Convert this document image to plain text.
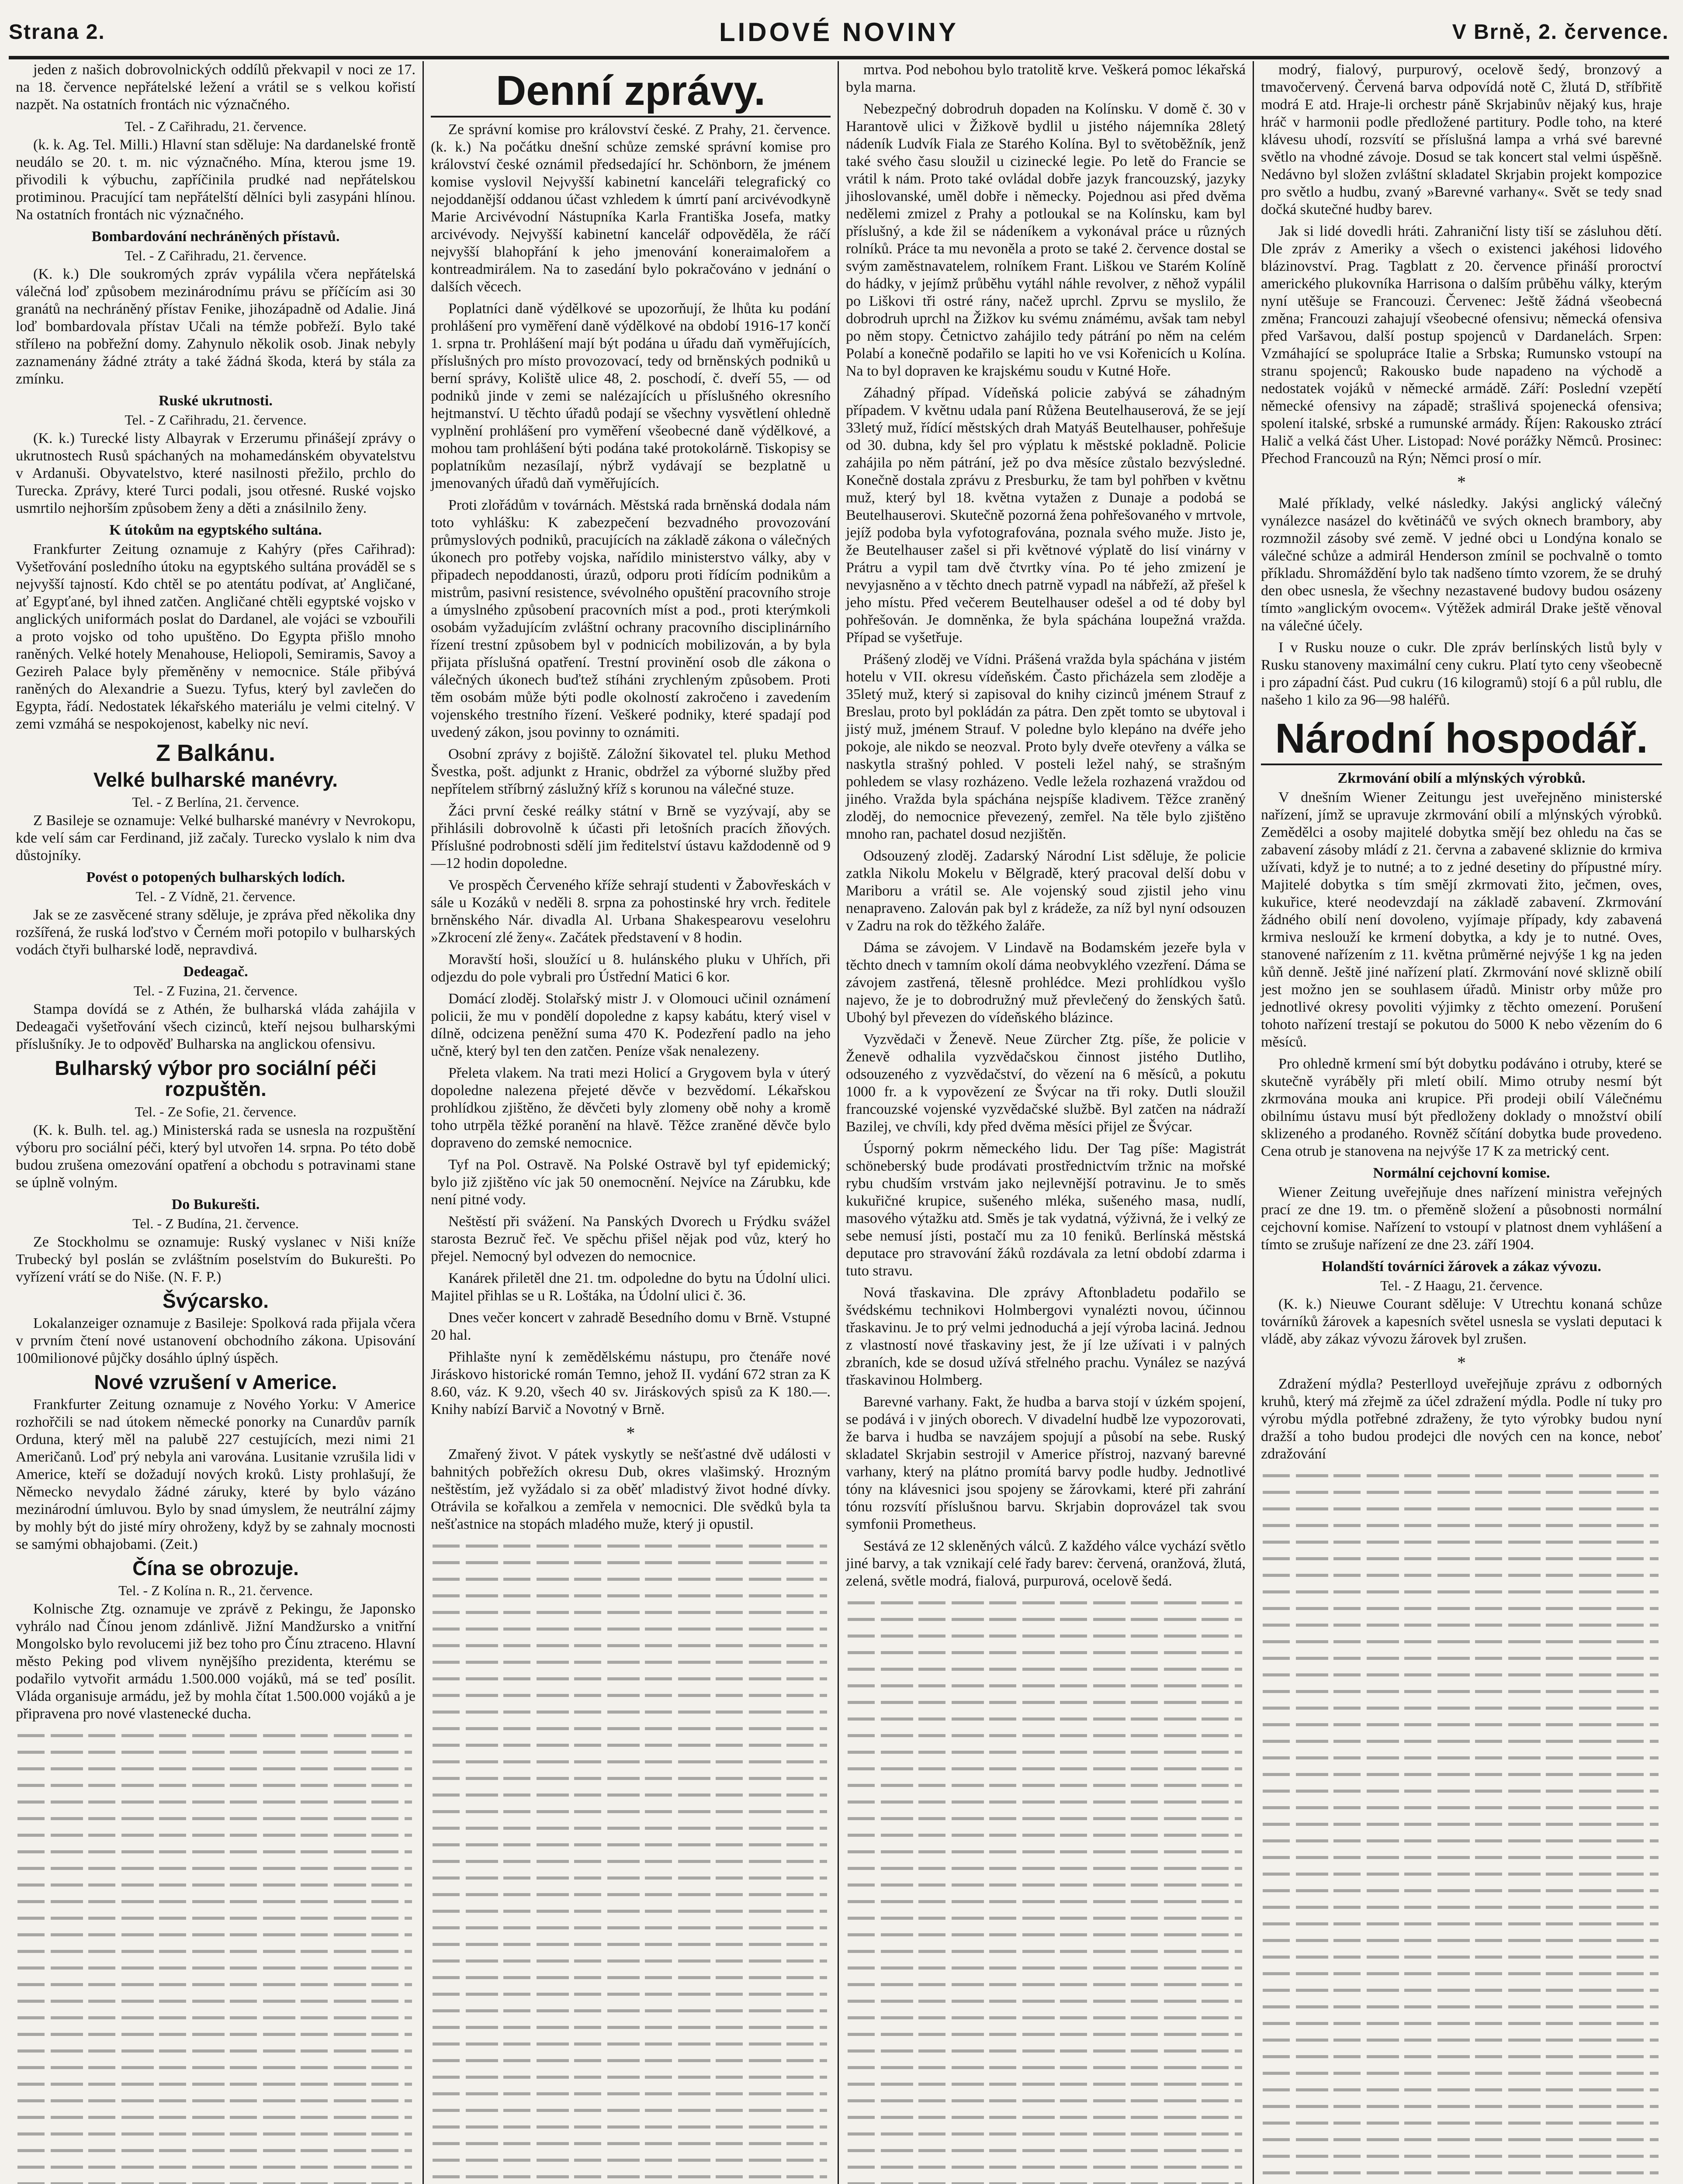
Strana 2.	LIDOVÉ NOVINY	V Brně, 2. července.

jeden z našich dobrovolnických oddílů překvapil v noci ze 17. na 18. července nepřátelské ležení a vrátil se s velkou kořistí nazpět. Na ostatních frontách nic význačného.

Tel. - Z Cařihradu, 21. července.

(k. k. Ag. Tel. Milli.) Hlavní stan sděluje: Na dardanelské frontě neudálo se 20. t. m. nic význačného. Mína, kterou jsme 19. přivodili k výbuchu, zapříčinila prudké nad nepřátelskou protiminou. Pracující tam nepřátelští dělníci byli zasypáni hlínou. Na ostatních frontách nic význačného.

Bombardování nechráněných přístavů.
Tel. - Z Cařihradu, 21. července.

(K. k.) Dle soukromých zpráv vypálila včera nepřátelská válečná loď způsobem mezinárodnímu právu se příčícím asi 30 granátů na nechráněný přístav Fenike, jihozápadně od Adalie. Jiná loď bombardovala přístav Učali na témže pobřeží. Bylo také střílено na pobřežní domy. Zahynulo několik osob. Jinak nebyly zaznamenány žádné ztráty a také žádná škoda, která by stála za zmínku.

Ruské ukrutnosti.
Tel. - Z Cařihradu, 21. července.

(K. k.) Turecké listy Albayrak v Erzerumu přinášejí zprávy o ukrutnostech Rusů spáchaných na mohamedánském obyvatelstvu v Ardanuši. Obyvatelstvo, které nasilnosti přežilo, prchlo do Turecka. Zprávy, které Turci podali, jsou otřesné. Ruské vojsko usmrtilo nejhorším způsobem ženy a děti a znásilnilo ženy.

K útokům na egyptského sultána.

Frankfurter Zeitung oznamuje z Kahýry (přes Cařihrad): Vyšetřování posledního útoku na egyptského sultána prováděl se s nejvyšší tajností. Kdo chtěl se po atentátu podívat, ať Angličané, ať Egypťané, byl ihned zatčen. Angličané chtěli egyptské vojsko v anglických uniformách poslat do Dardanel, ale vojáci se vzbouřili a proto vojsko od toho upuštěno. Do Egypta přišlo mnoho raněných. Velké hotely Menahouse, Heliopoli, Semiramis, Savoy a Gezireh Palace byly přeměněny v nemocnice. Stále přibývá raněných do Alexandrie a Suezu. Tyfus, který byl zavlečen do Egypta, řádí. Nedostatek lékařského materiálu je velmi citelný. V zemi vzmáhá se nespokojenost, kabelky nic neví.

Z Balkánu.
Velké bulharské manévry.
Tel. - Z Berlína, 21. července.

Z Basileje se oznamuje: Velké bulharské manévry v Nevrokopu, kde velí sám car Ferdinand, již začaly. Turecko vyslalo k nim dva důstojníky.

Povést o potopených bulharských lodích.
Tel. - Z Vídně, 21. července.

Jak se ze zasvěcené strany sděluje, je zpráva před několika dny rozšířená, že ruská loďstvo v Černém moři potopilo v bulharských vodách čtyři bulharské lodě, nepravdivá.

Dedeagač.
Tel. - Z Fuzina, 21. července.

Stampa dovídá se z Athén, že bulharská vláda zahájila v Dedeagači vyšetřování všech cizinců, kteří nejsou bulharskými příslušníky. Je to odpověď Bulharska na anglickou ofensivu.

Bulharský výbor pro sociální péči rozpuštěn.
Tel. - Ze Sofie, 21. července.

(K. k. Bulh. tel. ag.) Ministerská rada se usnesla na rozpuštění výboru pro sociální péči, který byl utvořen 14. srpna. Po této době budou zrušena omezování opatření a obchodu s potravinami stane se úplně volným.

Do Bukurešti.
Tel. - Z Budína, 21. července.

Ze Stockholmu se oznamuje: Ruský vyslanec v Niši kníže Trubecký byl poslán se zvláštním poselstvím do Bukurešti. Po vyřízení vrátí se do Niše. (N. F. P.)

Švýcarsko.

Lokalanzeiger oznamuje z Basileje: Spolková rada přijala včera v prvním čtení nové ustanovení obchodního zákona. Upisování 100milionové půjčky dosáhlo úplný úspěch.

Nové vzrušení v Americe.

Frankfurter Zeitung oznamuje z Nového Yorku: V Americe rozhořčili se nad útokem německé ponorky na Cunardův parník Orduna, který měl na palubě 227 cestujících, mezi nimi 21 Američanů. Loď prý nebyla ani varována. Lusitanie vzrušila lidi v Americe, kteří se dožadují nových kroků. Listy prohlašují, že Německo nevydalo žádné záruky, které by bylo vázáno mezinárodní úmluvou. Bylo by snad úmyslem, že neutrální zájmy by mohly být do jisté míry ohroženy, když by se zahnaly mocnosti se samými obhajobami. (Zeit.)

Čína se obrozuje.
Tel. - Z Kolína n. R., 21. července.

Kolnische Ztg. oznamuje ve zprávě z Pekingu, že Japonsko vyhrálo nad Čínou jenom zdánlivě. Jižní Mandžursko a vnitřní Mongolsko bylo revolucemi již bez toho pro Čínu ztraceno. Hlavní město Peking pod vlivem nynějšího prezidenta, kterému se podařilo vytvořit armádu 1.500.000 vojáků, má se teď posílit. Vláda organisuje armádu, jež by mohla čítat 1.500.000 vojáků a je připravena pro nové vlastenecké ducha.

Denní zprávy.

Ze správní komise pro království české. Z Prahy, 21. července. (k. k.) Na počátku dnešní schůze zemské správní komise pro království české oznámil předsedající hr. Schönborn, že jménem komise vyslovil Nejvyšší kabinetní kanceláři telegrafický co nejoddanější oddanou účast vzhledem k úmrtí paní arcivévodkyně Marie Arcivévodní Nástupníka Karla Františka Josefa, matky arcivévody. Nejvyšší kabinetní kancelář odpověděla, že ráčí nejvyšší blahopřání k jeho jmenování koneraimalořem a kontreadmirálem. Na to zasedání bylo pokračováno v jednání o dalších věcech.

Poplatníci daně výdělkové se upozorňují, že lhůta ku podání prohlášení pro vyměření daně výdělkové na období 1916-17 končí 1. srpna tr. Prohlášení mají být podána u úřadu daň vyměřujících, příslušných pro místo provozovací, tedy od brněnských podniků u berní správy, Koliště ulice 48, 2. poschodí, č. dveří 55, — od podniků jinde v zemi se nalézajících u příslušného okresního hejtmanství. U těchto úřadů podají se všechny vysvětlení ohledně vyplnění prohlášení pro vyměření všeobecné daně výdělkové, a mohou tam prohlášení býti podána také protokolárně. Tiskopisy se poplatníkům nezasílají, nýbrž vydávají se bezplatně u jmenovaných úřadů daň vyměřujících.

Proti zlořádům v továrnách. Městská rada brněnská dodala nám toto vyhlášku: K zabezpečení bezvadného provozování průmyslových podniků, pracujících na základě zákona o válečných úkonech pro potřeby vojska, nařídilo ministerstvo války, aby v připadech nepoddanosti, úrazů, odporu proti řídícím podnikům a mistrům, pasivní resistence, svévolného opuštění pracovního stroje a úmyslného způsobení pracovních míst a pod., proti kterýmkoli osobám vyžadujícím zvláštní ochrany pracovního disciplinárního řízení trestní způsobem byl v podnicích mobilizován, a by byla přijata příslušná opatření. Trestní provinění osob dle zákona o válečných úkonech buďtež stíháni zrychleným způsobem. Proti těm osobám může býti podle okolností zakročeno i zavedením vojenského trestního řízení. Veškeré podniky, které spadají pod uvedený zákon, jsou povinny to oznámiti.

Osobní zprávy z bojiště. Záložní šikovatel tel. pluku Method Švestka, pošt. adjunkt z Hranic, obdržel za výborné služby před nepřítelem stříbrný záslužný kříž s korunou na válečné stuze.

Žáci první české reálky státní v Brně se vyzývají, aby se přihlásili dobrovolně k účasti při letošních pracích žňových. Příslušné podrobnosti sdělí jim ředitelství ústavu každodenně od 9—12 hodin dopoledne.

Ve prospěch Červeného kříže sehrají studenti v Žabovřeskách v sále u Kozáků v neděli 8. srpna za pohostinské hry vrch. ředitele brněnského Nár. divadla Al. Urbana Shakespearovu veselohru »Zkrocení zlé ženy«. Začátek představení v 8 hodin.

Moravští hoši, sloužící u 8. hulánského pluku v Uhřích, při odjezdu do pole vybrali pro Ústřední Matici 6 kor.

Domácí zloděj. Stolařský mistr J. v Olomouci učinil oznámení policii, že mu v pondělí dopoledne z kapsy kabátu, který visel v dílně, odcizena peněžní suma 470 K. Podezření padlo na jeho učně, který byl ten den zatčen. Peníze však nenalezeny.

Přeleta vlakem. Na trati mezi Holicí a Grygovem byla v úterý dopoledne nalezena přejeté děvče v bezvědomí. Lékařskou prohlídkou zjištěno, že děvčeti byly zlomeny obě nohy a kromě toho utrpěla těžké poranění na hlavě. Těžce zraněné děvče bylo dopraveno do zemské nemocnice.

Tyf na Pol. Ostravě. Na Polské Ostravě byl tyf epidemický; bylo již zjištěno víc jak 50 onemocnění. Nejvíce na Zárubku, kde není pitné vody.

Neštěstí při svážení. Na Panských Dvorech u Frýdku svážel starosta Bezruč řeč. Ve spěchu přišel nějak pod vůz, který ho přejel. Nemocný byl odvezen do nemocnice.

Kanárek přiletěl dne 21. tm. odpoledne do bytu na Údolní ulici. Majitel přihlas se u R. Loštáka, na Údolní ulici č. 36.

Dnes večer koncert v zahradě Besedního domu v Brně. Vstupné 20 hal.

Přihlašte nyní k zemědělskému nástupu, pro čtenáře nové Jiráskovo historické román Temno, jehož II. vydání 672 stran za K 8.60, váz. K 9.20, všech 40 sv. Jiráskových spisů za K 180.—. Knihy nabízí Barvič a Novotný v Brně.

*

Zmařený život. V pátek vyskytly se nešťastné dvě události v bahnitých pobřežích okresu Dub, okres vlašimský. Hrozným neštěstím, jež vyžádalo si za oběť mladistvý život hodné dívky. Otrávila se kořalkou a zemřela v nemocnici. Dle svědků byla ta nešťastnice na stopách mladého muže, který ji opustil.

mrtva. Pod nebohou bylo tratolitě krve. Veškerá pomoc lékařská byla marna.

Nebezpečný dobrodruh dopaden na Kolínsku. V domě č. 30 v Harantově ulici v Žižkově bydlil u jistého nájemníka 28letý nádeník Ludvík Fiala ze Starého Kolína. Byl to světoběžník, jenž také svého času sloužil u cizinecké legie. Po letě do Francie se vrátil k nám. Proto také ovládal dobře jazyk francouzský, jazyky jihoslovanské, uměl dobře i německy. Pojednou asi před dvěma nedělemi zmizel z Prahy a potloukal se na Kolínsku, kam byl příslušný, a kde žil se nádeníkem a vykonával práce u různých rolníků. Práce ta mu nevoněla a proto se také 2. července dostal se svým zaměstnavatelem, rolníkem Frant. Liškou ve Starém Kolíně do hádky, v jejímž průběhu vytáhl náhle revolver, z něhož vypálil po Liškovi tři ostré rány, načež uprchl. Zprvu se myslilo, že dobrodruh uprchl na Žižkov ku svému známému, avšak tam nebyl po něm stopy. Četnictvo zahájilo tedy pátrání po něm na celém Polabí a konečně podařilo se lapiti ho ve vsi Kořenicích u Kolína. Na to byl dopraven ke krajskému soudu v Kutné Hoře.

Záhadný případ. Vídeňská policie zabývá se záhadným případem. V květnu udala paní Růžena Beutelhauserová, že se její 33letý muž, řídící městských drah Matyáš Beutelhauser, pohřešuje od 30. dubna, kdy šel pro výplatu k městské pokladně. Policie zahájila po něm pátrání, jež po dva měsíce zůstalo bezvýsledné. Konečně dostala zprávu z Presburku, že tam byl pohřben v květnu muž, který byl 18. května vytažen z Dunaje a podobá se Beutelhauserovi. Skutečně pozorná žena pohřešovaného v mrtvole, jejíž podoba byla vyfotografována, poznala svého muže. Jisto je, že Beutelhauser zašel si při květnové výplatě do lisí vinárny v Prátru a vypil tam dvě čtvrtky vína. Po té jeho zmizení je nevyjasněno a v těchto dnech patrně vypadl na nábřeží, až přešel k jeho místu. Před večerem Beutelhauser odešel a od té doby byl pohřešován. Je domněnka, že byla spáchána loupežná vražda. Případ se vyšetřuje.

Prášený zloděj ve Vídni. Prášená vražda byla spáchána v jistém hotelu v VII. okresu vídeňském. Často přicházela sem zloděje a 35letý muž, který si zapisoval do knihy cizinců jménem Strauf z Breslau, proto byl pokládán za pátra. Den zpět tomto se ubytoval i jistý muž, jménem Strauf. V poledne bylo klepáno na dvéře jeho pokoje, ale nikdo se neozval. Proto byly dveře otevřeny a válka se naskytla strašný pohled. V posteli ležel nahý, se strašným pohledem se vlasy rozházeno. Vedle ležela rozhazená vraždou od jiného. Vražda byla spáchána nejspíše kladivem. Těžce zraněný zloděj, do nemocnice převezený, zemřel. Na těle bylo zjištěno mnoho ran, pachatel dosud nezjištěn.

Odsouzený zloděj. Zadarský Národní List sděluje, že policie zatkla Nikolu Mokelu v Bělgradě, který pracoval delší dobu v Mariboru a vrátil se. Ale vojenský soud zjistil jeho vinu nenapraveno. Zalován pak byl z krádeže, za níž byl nyní odsouzen v Zadru na rok do těžkého žaláře.

Dáma se závojem. V Lindavě na Bodamském jezeře byla v těchto dnech v tamním okolí dáma neobvyklého vzezření. Dáma se závojem zastřená, tělesně prohlédce. Mezi prohlídkou vyšlo najevo, že je to dobrodružný muž převlečený do ženských šatů. Ubohý byl převezen do vídeňského blázince.

Vyzvědači v Ženevě. Neue Zürcher Ztg. píše, že policie v Ženevě odhalila vyzvědačskou činnost jistého Dutliho, odsouzeného z vyzvědačství, do vězení na 6 měsíců, a pokutu 1000 fr. a k vypovězení ze Švýcar na tři roky. Dutli sloužil francouzské vojenské vyzvědačské službě. Byl zatčen na nádraží Bazilej, ve chvíli, kdy před dvěma měsíci přijel ze Švýcar.

Úsporný pokrm německého lidu. Der Tag píše: Magistrát schöneberský bude prodávati prostřednictvím tržnic na mořské rybu chudším vrstvám jako nejlevnější potravinu. Je to směs kukuřičné krupice, sušeného mléka, sušeného masa, nudlí, masového výtažku atd. Směs je tak vydatná, výživná, že i velký ze sebe nemusí jísti, postačí mu za 10 feniků. Berlínská městská deputace pro stravování žáků rozdávala za letní období zdarma i tuto stravu.

Nová třaskavina. Dle zprávy Aftonbladetu podařilo se švédskému technikovi Holmbergovi vynalézti novou, účinnou třaskavinu. Je to prý velmi jednoduchá a její výroba laciná. Jednou z vlastností nové třaskaviny jest, že jí lze užívati i v palných zbraních, kde se dosud užívá střelného prachu. Vynález se nazývá třaskavinou Holmberg.

Barevné varhany. Fakt, že hudba a barva stojí v úzkém spojení, se podává i v jiných oborech. V divadelní hudbě lze vypozorovati, že barva i hudba se navzájem spojují a působí na sebe. Ruský skladatel Skrjabin sestrojil v Americe přístroj, nazvaný barevné varhany, který na plátno promítá barvy podle hudby. Jednotlivé tóny na klávesnici jsou spojeny se žárovkami, které při zahrání tónu rozsvítí příslušnou barvu. Skrjabin doprovázel tak svou symfonii Prometheus.

Sestává ze 12 skleněných válců. Z každého válce vychází světlo jiné barvy, a tak vznikají celé řady barev: červená, oranžová, žlutá, zelená, světle modrá, fialová, purpurová, ocelově šedá.

modrý, fialový, purpurový, ocelově šedý, bronzový a tmavočervený. Červená barva odpovídá notě C, žlutá D, stříbřitě modrá E atd. Hraje-li orchestr páně Skrjabinův nějaký kus, hraje hráč v harmonii podle předložené partitury. Podle toho, na které klávesu uhodí, rozsvítí se příslušná lampa a vrhá své barevné světlo na vhodné závoje. Dosud se tak koncert stal velmi úspěšně. Nedávno byl složen zvláštní skladatel Skrjabin projekt kompozice pro světlo a hudbu, zvaný »Barevné varhany«. Svět se tedy snad dočká skutečné hudby barev.

Jak si lidé dovedli hráti. Zahraniční listy tiší se zásluhou dětí. Dle zpráv z Ameriky a všech o existenci jakéhosi lidového blázinovství. Prag. Tagblatt z 20. července přináší proroctví amerického plukovníka Harrisona o dalším průběhu války, kterým nyní utěšuje se Francouzi. Červenec: Ještě žádná všeobecná změna; Francouzi zahajují všeobecné ofensivu; německá ofensiva před Varšavou, další postup spojenců v Dardanelách. Srpen: Vzmáhající se spolupráce Italie a Srbska; Rumunsko vstoupí na stranu spojenců; Rakousko bude napadeno na východě a nedostatek vojáků v německé armádě. Září: Poslední vzepětí německé ofensivy na západě; strašlivá spojenecká ofensiva; spolení italské, srbské a rumunské armády. Říjen: Rakousko ztrácí Halič a velká část Uher. Listopad: Nové porážky Němců. Prosinec: Přechod Francouzů na Rýn; Němci prosí o mír.

*

Malé příklady, velké následky. Jakýsi anglický válečný vynálezce nasázel do květináčů ve svých oknech brambory, aby rozmnožil zásoby své země. V jedné obci u Londýna konalo se válečné schůze a admirál Henderson zmínil se pochvalně o tomto příkladu. Shromáždění bylo tak nadšeno tímto vzorem, že se druhý den obec usnesla, že všechny nezastavené budovy budou osázeny tímto »anglickým ovocem«. Výtěžek admirál Drake ještě věnoval na válečné účely.

I v Rusku nouze o cukr. Dle zpráv berlínských listů byly v Rusku stanoveny maximální ceny cukru. Platí tyto ceny všeobecně i pro západní část. Pud cukru (16 kilogramů) stojí 6 a půl rublu, dle našeho 1 kilo za 96—98 haléřů.

Národní hospodář.
Zkrmování obilí a mlýnských výrobků.

V dnešním Wiener Zeitungu jest uveřejněno ministerské nařízení, jímž se upravuje zkrmování obilí a mlýnských výrobků. Zemědělci a osoby majitelé dobytka smějí bez ohledu na čas se zabavení zásoby mládí z 21. června a zabavené skliznie do krmiva užívati, když je to nutné; a to z jedné desetiny do přípustné míry. Majitelé dobytka s tím smějí zkrmovati žito, ječmen, oves, kukuřice, které neodevzdají na základě zabavení. Zkrmování žádného obilí není dovoleno, vyjímaje případy, kdy zabavená krmiva neslouží ke krmení dobytka, a kdy je to nutné. Oves, stanovené nařízením z 11. května průměrné nejvýše 1 kg na jeden kůň denně. Ještě jiné nařízení platí. Zkrmování nové sklizně obilí jest možno jen se souhlasem úřadů. Ministr orby může pro jednotlivé okresy povoliti výjimky z těchto omezení. Porušení tohoto nařízení trestají se pokutou do 5000 K nebo vězením do 6 měsíců.

Pro ohledně krmení smí být dobytku podáváno i otruby, které se skutečně vyráběly při mletí obilí. Mimo otruby nesmí být zkrmována mouka ani krupice. Při prodeji obilí Válečnému obilnímu ústavu musí být předloženy doklady o množství obilí sklizeného a prodaného. Rovněž sčítání dobytka bude provedeno. Cena otrub je stanovena na nejvýše 17 K za metrický cent.

Normální cejchovní komise.

Wiener Zeitung uveřejňuje dnes nařízení ministra veřejných prací ze dne 19. tm. o přeměně složení a působnosti normální cejchovní komise. Nařízení to vstoupí v platnost dnem vyhlášení a tímto se zrušuje nařízení ze dne 23. září 1904.

Holandští továrníci žárovek a zákaz vývozu.
Tel. - Z Haagu, 21. července.

(K. k.) Nieuwe Courant sděluje: V Utrechtu konaná schůze továrníků žárovek a kapesních světel usnesla se vyslati deputaci k vládě, aby zákaz vývozu žárovek byl zrušen.

*

Zdražení mýdla? Pesterlloyd uveřejňuje zprávu z odborných kruhů, který má zřejmě za účel zdražení mýdla. Podle ní tuky pro výrobu mýdla potřebné zdraženy, že tyto výrobky budou nyní dražší a toho budou prodejci dle nových cen na konce, neboť zdražování
